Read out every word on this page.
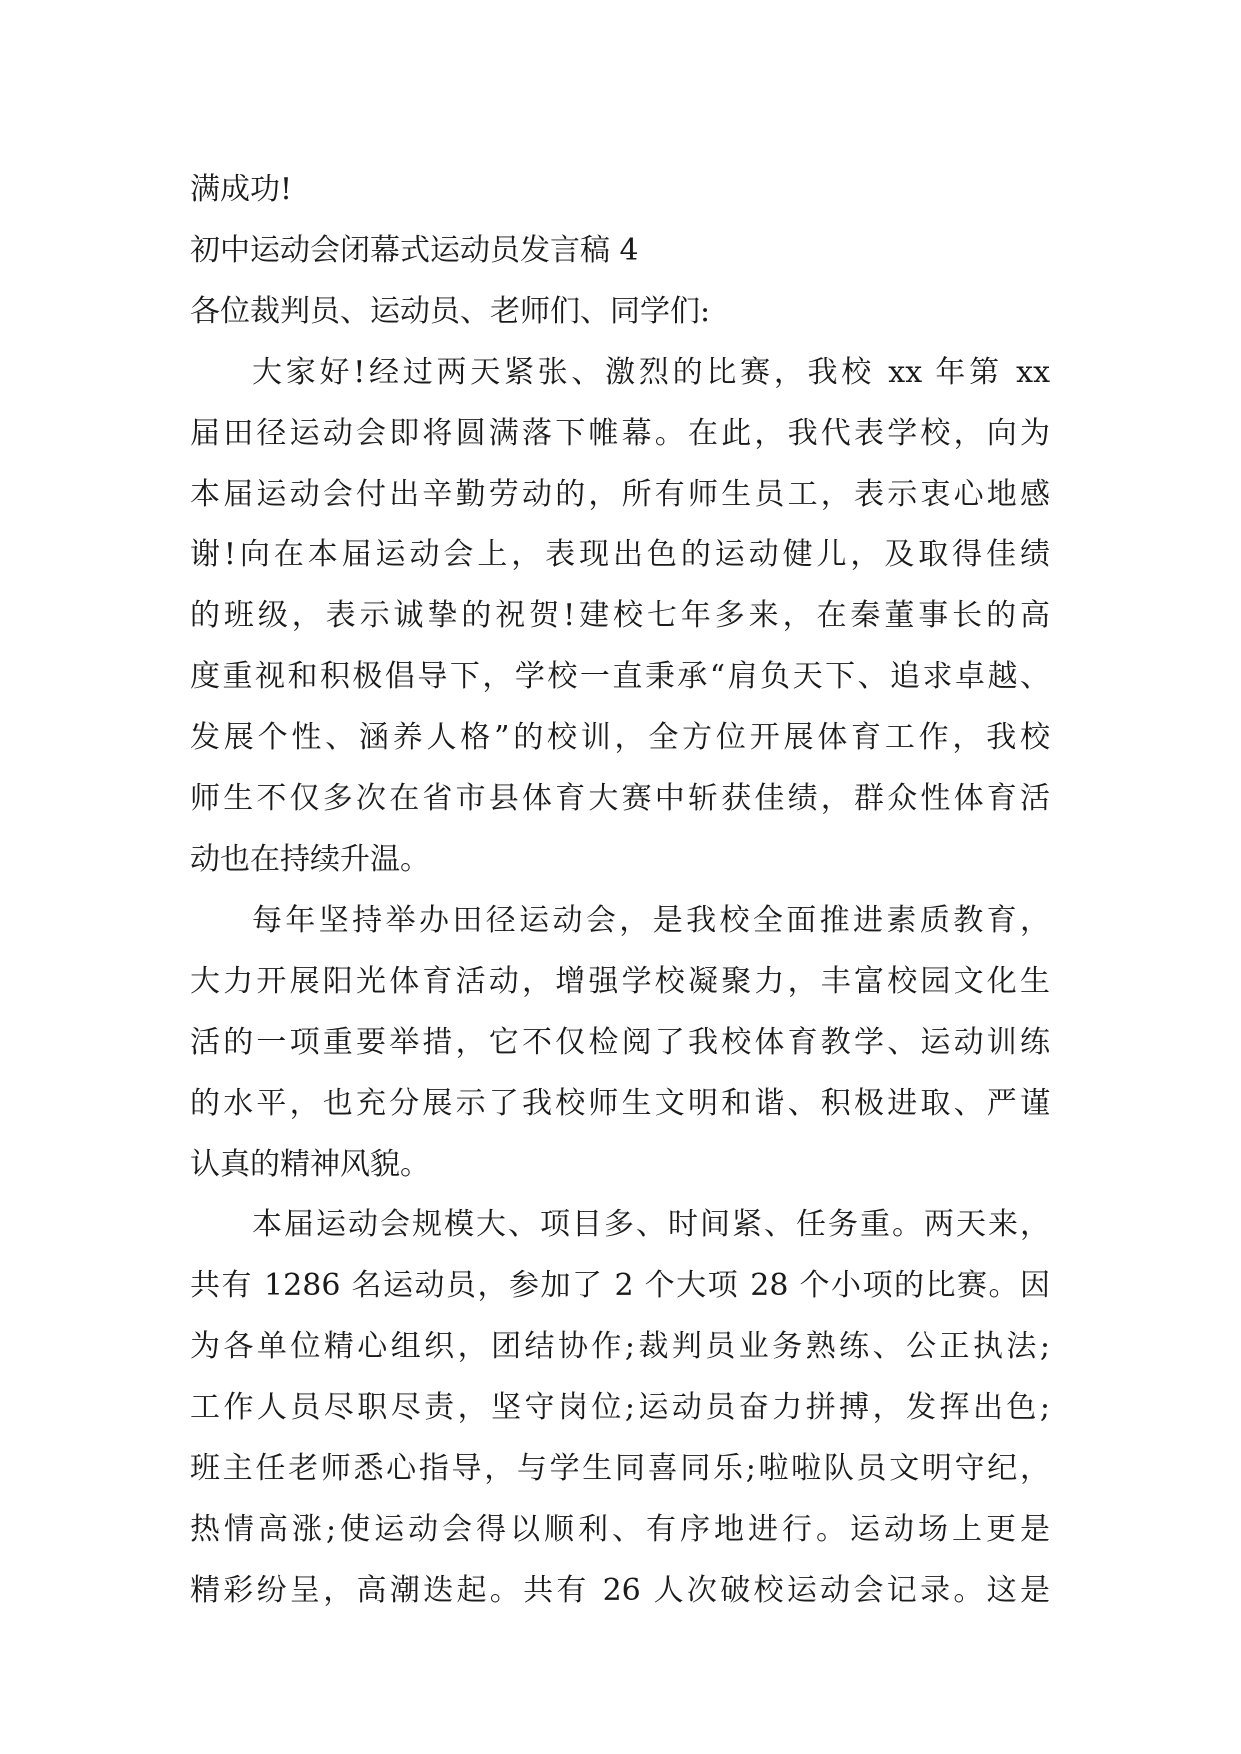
满成功!
初中运动会闭幕式运动员发言稿 4
各位裁判员、运动员、老师们、同学们:
大家好!经过两天紧张、激烈的比赛，我校 xx 年第 xx
届田径运动会即将圆满落下帷幕。在此，我代表学校，向为
本届运动会付出辛勤劳动的，所有师生员工，表示衷心地感
谢!向在本届运动会上，表现出色的运动健儿，及取得佳绩
的班级，表示诚挚的祝贺!建校七年多来，在秦董事长的高
度重视和积极倡导下，学校一直秉承“肩负天下、追求卓越、
发展个性、涵养人格”的校训，全方位开展体育工作，我校
师生不仅多次在省市县体育大赛中斩获佳绩，群众性体育活
动也在持续升温。
每年坚持举办田径运动会，是我校全面推进素质教育，
大力开展阳光体育活动，增强学校凝聚力，丰富校园文化生
活的一项重要举措，它不仅检阅了我校体育教学、运动训练
的水平，也充分展示了我校师生文明和谐、积极进取、严谨
认真的精神风貌。
本届运动会规模大、项目多、时间紧、任务重。两天来，
共有 1286 名运动员，参加了 2 个大项 28 个小项的比赛。因
为各单位精心组织，团结协作;裁判员业务熟练、公正执法;
工作人员尽职尽责，坚守岗位;运动员奋力拼搏，发挥出色;
班主任老师悉心指导，与学生同喜同乐;啦啦队员文明守纪，
热情高涨;使运动会得以顺利、有序地进行。运动场上更是
精彩纷呈，高潮迭起。共有 26 人次破校运动会记录。这是
